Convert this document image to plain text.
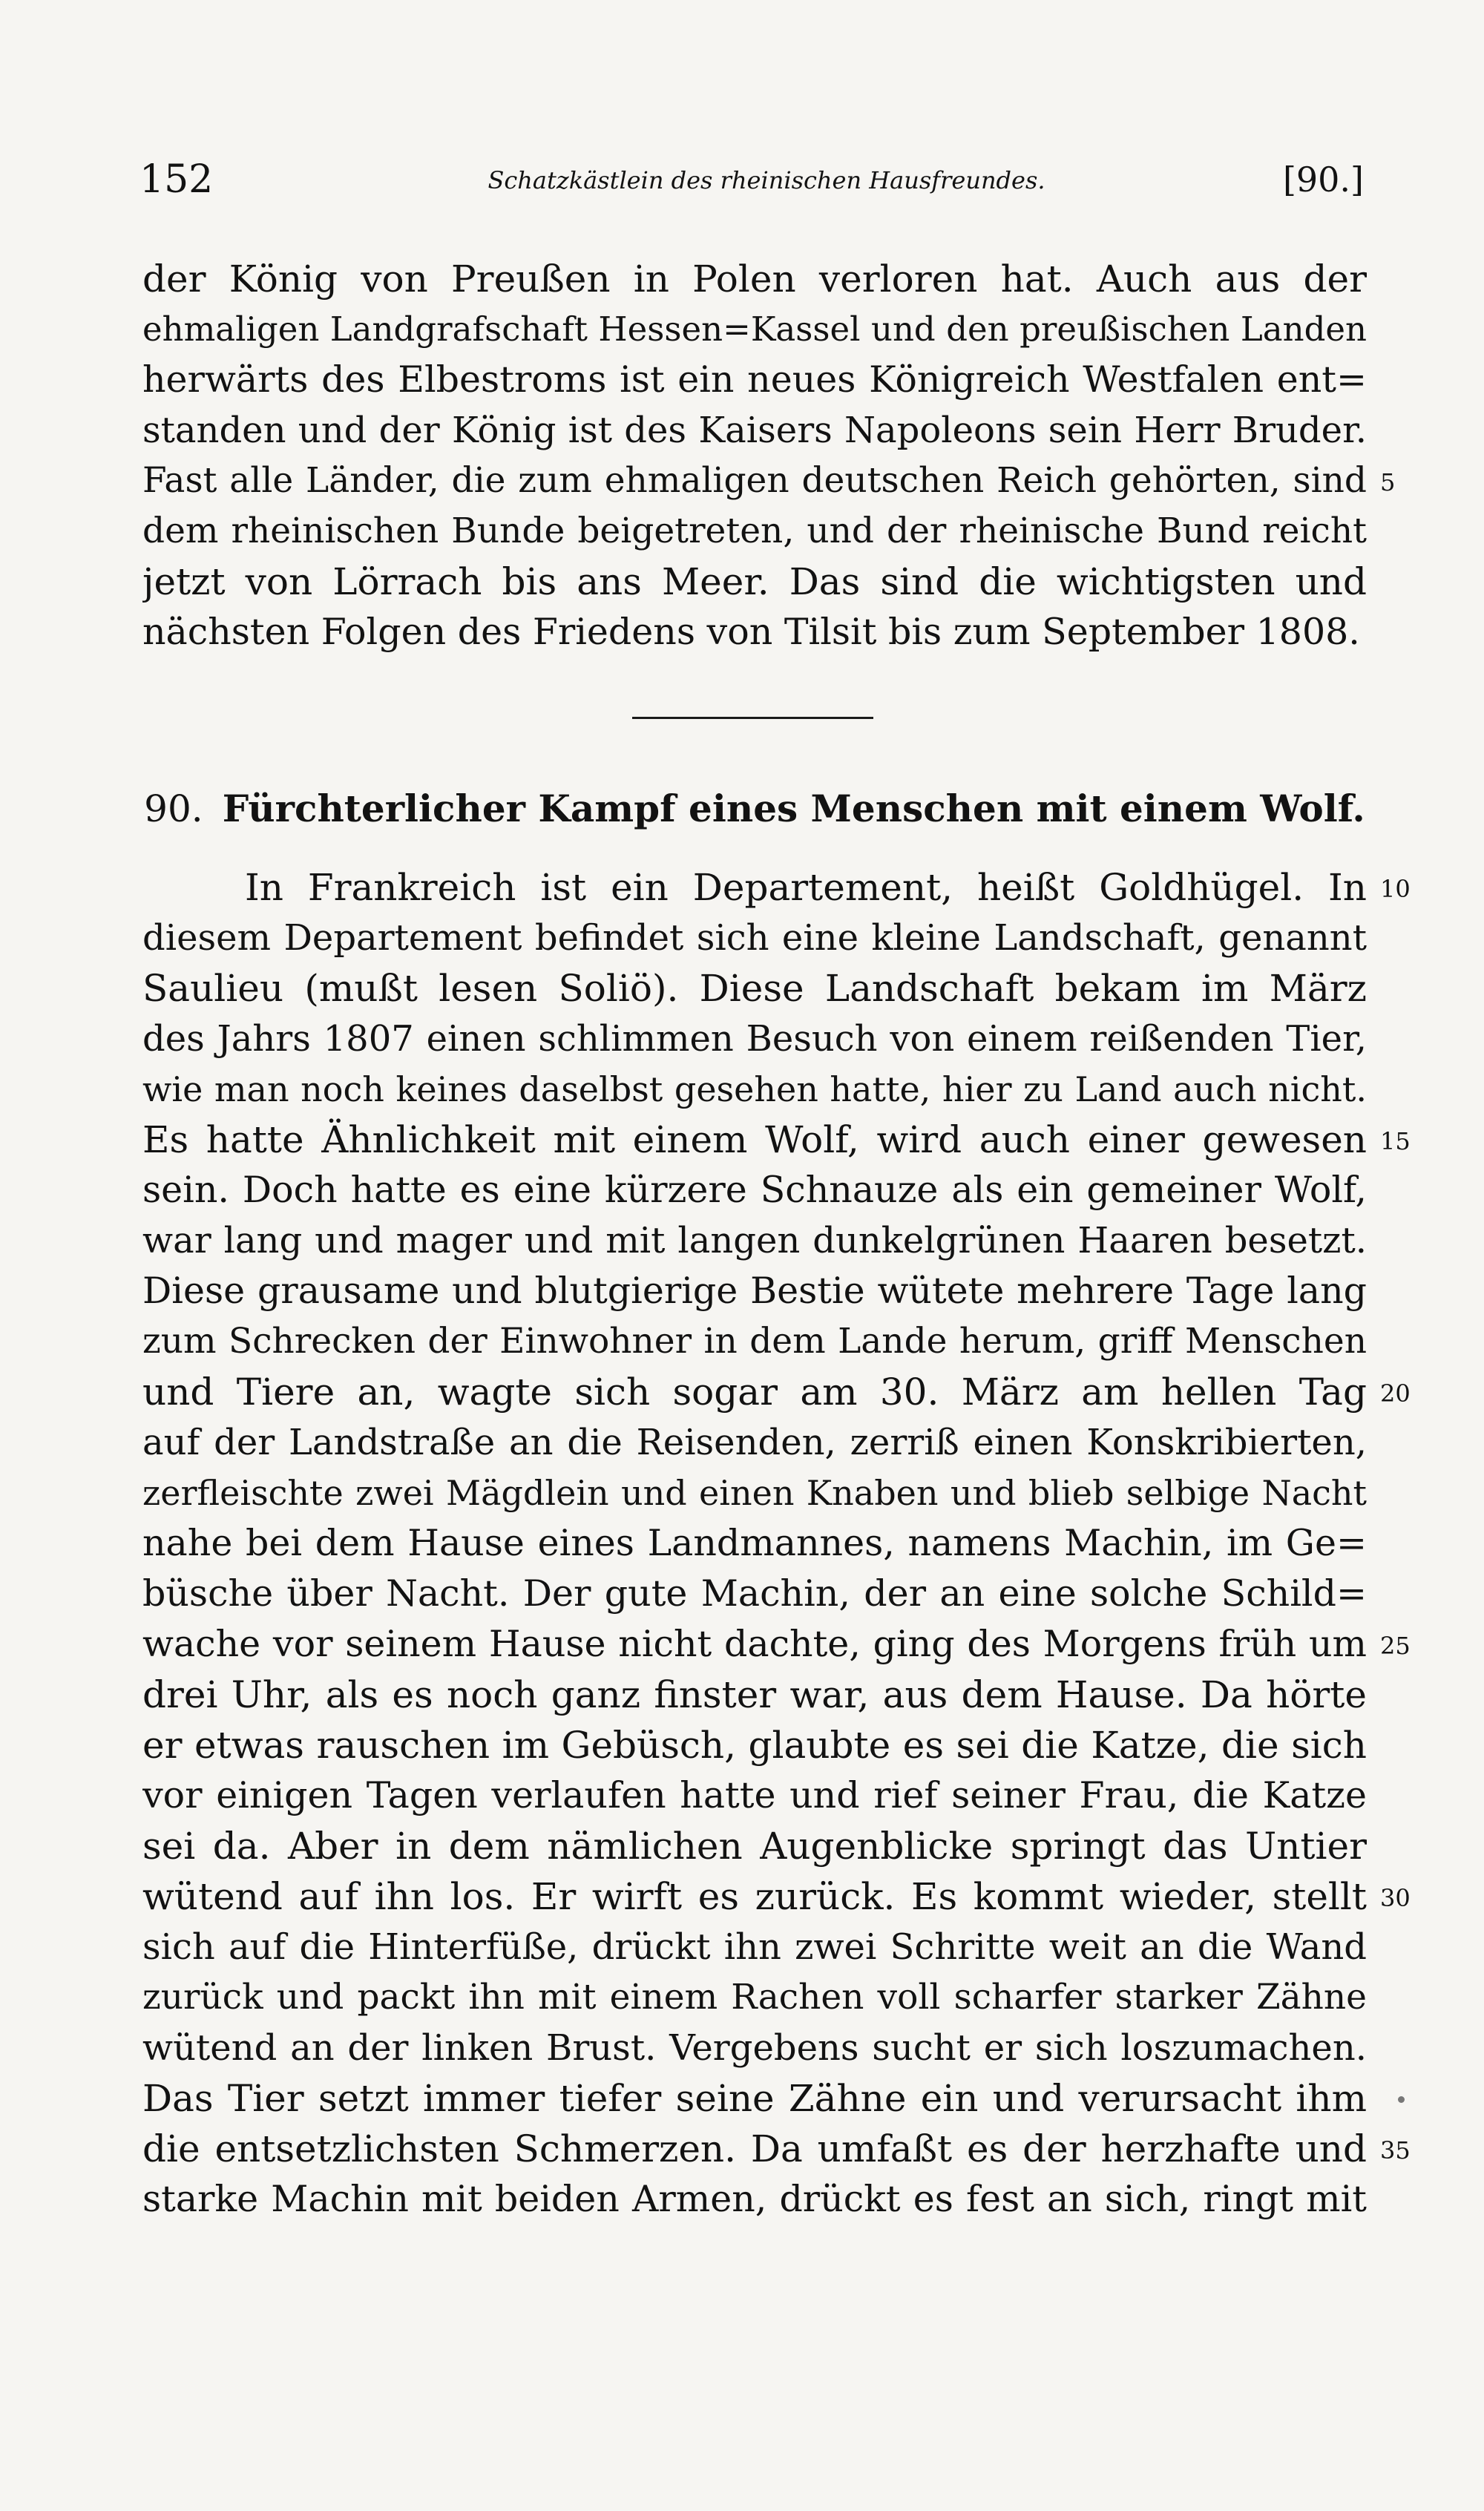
152	Schatzkästlein des rheinischen Hausfreundes.	[90.]
der König von Preußen in Polen verloren hat. Auch aus der
ehmaligen Landgrafschaft Hessen=Kassel und den preußischen Landen
herwärts des Elbestroms ist ein neues Königreich Westfalen ent=
standen und der König ist des Kaisers Napoleons sein Herr Bruder.
Fast alle Länder, die zum ehmaligen deutschen Reich gehörten, sind
dem rheinischen Bunde beigetreten, und der rheinische Bund reicht
jetzt von Lörrach bis ans Meer. Das sind die wichtigsten und
nächsten Folgen des Friedens von Tilsit bis zum September 1808.
90. Fürchterlicher Kampf eines Menschen mit einem Wolf.
In Frankreich ist ein Departement, heißt Goldhügel. In
diesem Departement befindet sich eine kleine Landschaft, genannt
Saulieu (mußt lesen Soliö). Diese Landschaft bekam im März
des Jahrs 1807 einen schlimmen Besuch von einem reißenden Tier,
wie man noch keines daselbst gesehen hatte, hier zu Land auch nicht.
Es hatte Ähnlichkeit mit einem Wolf, wird auch einer gewesen
sein. Doch hatte es eine kürzere Schnauze als ein gemeiner Wolf,
war lang und mager und mit langen dunkelgrünen Haaren besetzt.
Diese grausame und blutgierige Bestie wütete mehrere Tage lang
zum Schrecken der Einwohner in dem Lande herum, griff Menschen
und Tiere an, wagte sich sogar am 30. März am hellen Tag
auf der Landstraße an die Reisenden, zerriß einen Konskribierten,
zerfleischte zwei Mägdlein und einen Knaben und blieb selbige Nacht
nahe bei dem Hause eines Landmannes, namens Machin, im Ge=
büsche über Nacht. Der gute Machin, der an eine solche Schild=
wache vor seinem Hause nicht dachte, ging des Morgens früh um
drei Uhr, als es noch ganz finster war, aus dem Hause. Da hörte
er etwas rauschen im Gebüsch, glaubte es sei die Katze, die sich
vor einigen Tagen verlaufen hatte und rief seiner Frau, die Katze
sei da. Aber in dem nämlichen Augenblicke springt das Untier
wütend auf ihn los. Er wirft es zurück. Es kommt wieder, stellt
sich auf die Hinterfüße, drückt ihn zwei Schritte weit an die Wand
zurück und packt ihn mit einem Rachen voll scharfer starker Zähne
wütend an der linken Brust. Vergebens sucht er sich loszumachen.
Das Tier setzt immer tiefer seine Zähne ein und verursacht ihm
die entsetzlichsten Schmerzen. Da umfaßt es der herzhafte und
starke Machin mit beiden Armen, drückt es fest an sich, ringt mit
5
10
15
20
25
30
35
